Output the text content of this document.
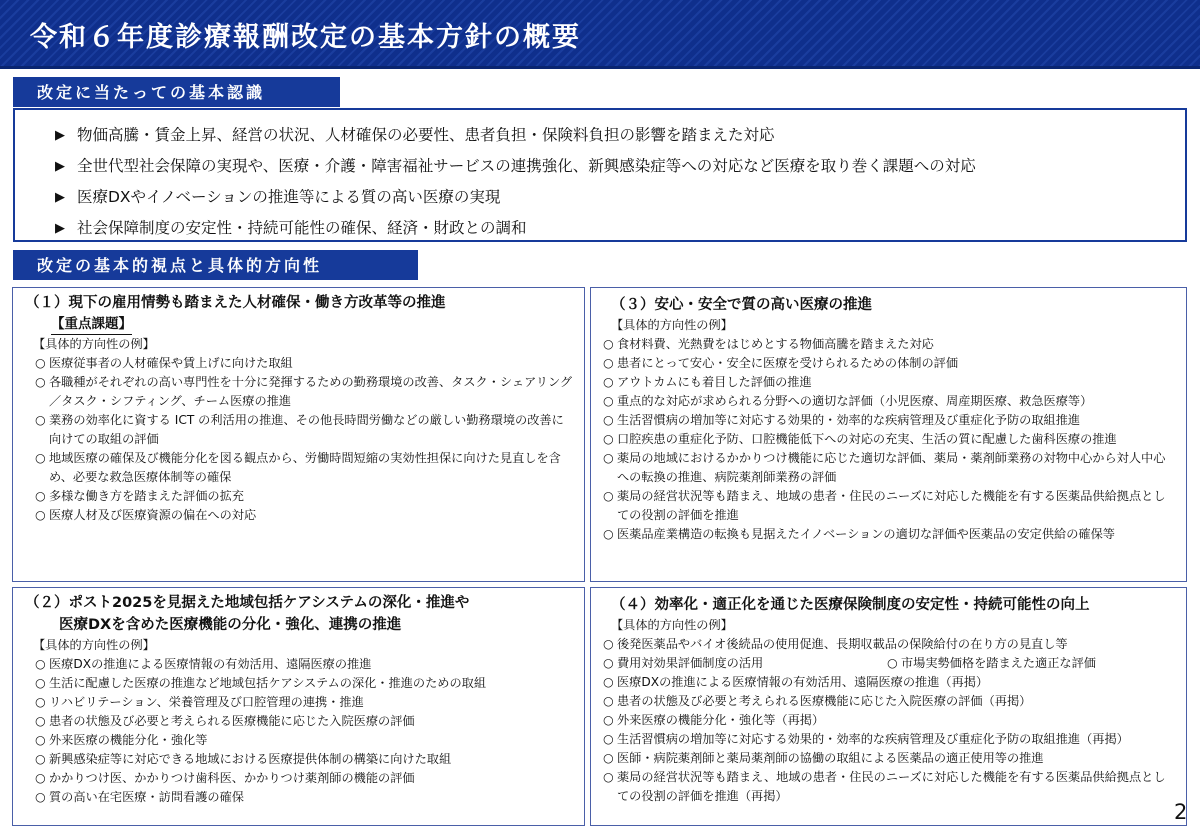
令和６年度診療報酬改定の基本方針の概要
改定に当たっての基本認識
▶ 物価高騰・賃金上昇、経営の状況、人材確保の必要性、患者負担・保険料負担の影響を踏まえた対応
▶ 全世代型社会保障の実現や、医療・介護・障害福祉サービスの連携強化、新興感染症等への対応など医療を取り巻く課題への対応
▶ 医療DXやイノベーションの推進等による質の高い医療の実現
▶ 社会保障制度の安定性・持続可能性の確保、経済・財政との調和
改定の基本的視点と具体的方向性
（１）現下の雇用情勢も踏まえた人材確保・働き方改革等の推進
【重点課題】
【具体的方向性の例】
○ 医療従事者の人材確保や賃上げに向けた取組
○ 各職種がそれぞれの高い専門性を十分に発揮するための勤務環境の改善、タスク・シェアリング／タスク・シフティング、チーム医療の推進
○ 業務の効率化に資する ICT の利活用の推進、その他長時間労働などの厳しい勤務環境の改善に向けての取組の評価
○ 地域医療の確保及び機能分化を図る観点から、労働時間短縮の実効性担保に向けた見直しを含め、必要な救急医療体制等の確保
○ 多様な働き方を踏まえた評価の拡充
○ 医療人材及び医療資源の偏在への対応
（３）安心・安全で質の高い医療の推進
【具体的方向性の例】
○ 食材料費、光熱費をはじめとする物価高騰を踏まえた対応
○ 患者にとって安心・安全に医療を受けられるための体制の評価
○ アウトカムにも着目した評価の推進
○ 重点的な対応が求められる分野への適切な評価（小児医療、周産期医療、救急医療等）
○ 生活習慣病の増加等に対応する効果的・効率的な疾病管理及び重症化予防の取組推進
○ 口腔疾患の重症化予防、口腔機能低下への対応の充実、生活の質に配慮した歯科医療の推進
○ 薬局の地域におけるかかりつけ機能に応じた適切な評価、薬局・薬剤師業務の対物中心から対人中心への転換の推進、病院薬剤師業務の評価
○ 薬局の経営状況等も踏まえ、地域の患者・住民のニーズに対応した機能を有する医薬品供給拠点としての役割の評価を推進
○ 医薬品産業構造の転換も見据えたイノベーションの適切な評価や医薬品の安定供給の確保等
（２）ポスト2025を見据えた地域包括ケアシステムの深化・推進や
医療DXを含めた医療機能の分化・強化、連携の推進
【具体的方向性の例】
○ 医療DXの推進による医療情報の有効活用、遠隔医療の推進
○ 生活に配慮した医療の推進など地域包括ケアシステムの深化・推進のための取組
○ リハビリテーション、栄養管理及び口腔管理の連携・推進
○ 患者の状態及び必要と考えられる医療機能に応じた入院医療の評価
○ 外来医療の機能分化・強化等
○ 新興感染症等に対応できる地域における医療提供体制の構築に向けた取組
○ かかりつけ医、かかりつけ歯科医、かかりつけ薬剤師の機能の評価
○ 質の高い在宅医療・訪問看護の確保
（４）効率化・適正化を通じた医療保険制度の安定性・持続可能性の向上
【具体的方向性の例】
○ 後発医薬品やバイオ後続品の使用促進、長期収載品の保険給付の在り方の見直し等
○ 費用対効果評価制度の活用	○ 市場実勢価格を踏まえた適正な評価
○ 医療DXの推進による医療情報の有効活用、遠隔医療の推進（再掲）
○ 患者の状態及び必要と考えられる医療機能に応じた入院医療の評価（再掲）
○ 外来医療の機能分化・強化等（再掲）
○ 生活習慣病の増加等に対応する効果的・効率的な疾病管理及び重症化予防の取組推進（再掲）
○ 医師・病院薬剤師と薬局薬剤師の協働の取組による医薬品の適正使用等の推進
○ 薬局の経営状況等も踏まえ、地域の患者・住民のニーズに対応した機能を有する医薬品供給拠点としての役割の評価を推進（再掲）
2
